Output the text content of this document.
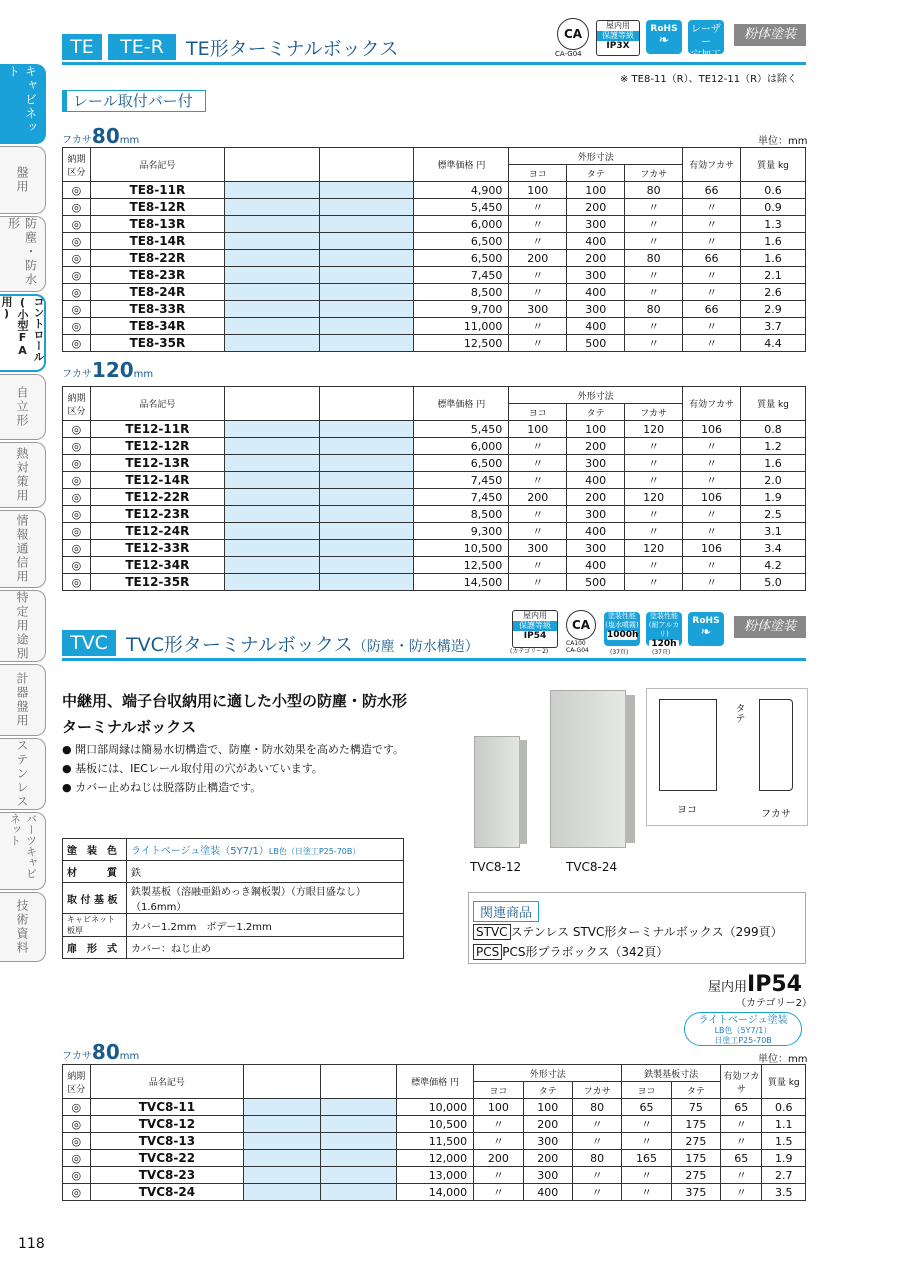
TE	TE-R	TE形ターミナルボックス
CA
CA-G04
屋内用
保護等級
IP3X
RoHS
❧
レーザー
穴加工
粉体塗装
※ TE8-11（R）、TE12-11（R）は除く
レール取付バー付
キャビネット
盤用
防塵・防水形
コントロール(小型FA用)
自立形
熱対策用
情報通信用
特定用途別
計器盤用
ステンレス
バーツキャビネット
技術資料
フカサ80mm	単位：mm
納期区分	品名記号			標準価格 円	外形寸法			有効フカサ	質量 kg
					ヨコ	タテ	フカサ		
◎	TE8-11R			4,900	100	100	80	66	0.6
◎	TE8-12R			5,450	〃	200	〃	〃	0.9
◎	TE8-13R			6,000	〃	300	〃	〃	1.3
◎	TE8-14R			6,500	〃	400	〃	〃	1.6
◎	TE8-22R			6,500	200	200	80	66	1.6
◎	TE8-23R			7,450	〃	300	〃	〃	2.1
◎	TE8-24R			8,500	〃	400	〃	〃	2.6
◎	TE8-33R			9,700	300	300	80	66	2.9
◎	TE8-34R			11,000	〃	400	〃	〃	3.7
◎	TE8-35R			12,500	〃	500	〃	〃	4.4
フカサ120mm
納期区分	品名記号			標準価格 円	外形寸法			有効フカサ	質量 kg
					ヨコ	タテ	フカサ		
◎	TE12-11R			5,450	100	100	120	106	0.8
◎	TE12-12R			6,000	〃	200	〃	〃	1.2
◎	TE12-13R			6,500	〃	300	〃	〃	1.6
◎	TE12-14R			7,450	〃	400	〃	〃	2.0
◎	TE12-22R			7,450	200	200	120	106	1.9
◎	TE12-23R			8,500	〃	300	〃	〃	2.5
◎	TE12-24R			9,300	〃	400	〃	〃	3.1
◎	TE12-33R			10,500	300	300	120	106	3.4
◎	TE12-34R			12,500	〃	400	〃	〃	4.2
◎	TE12-35R			14,500	〃	500	〃	〃	5.0
TVC TVC形ターミナルボックス（防塵・防水構造）
屋内用
保護等級
IP54
(カテゴリー2)
CA
CA100
CA-G04
塗装性能
(塩水噴霧)
1000h
(37頁)
塗装性能
(耐アルカリ)
120h
(37頁)
RoHS
❧	粉体塗装
中継用、端子台収納用に適した小型の防塵・防水形
ターミナルボックス
● 開口部周縁は簡易水切構造で、防塵・防水効果を高めた構造です。
● 基板には、IECレール取付用の穴があいています。
● カバー止めねじは脱落防止構造です。
TVC8-12	TVC8-24
タテ
ヨコ	フカサ
塗　装　色	ライトベージュ塗装（5Y7/1）LB色（日塗工P25-70B）
材　　　質	鉄
取 付 基 板	鉄製基板（溶融亜鉛めっき鋼板製）（方眼目盛なし）（1.6mm）
キャビネット板厚	カバー1.2mm　ボデー1.2mm
扉　形　式	カバー：ねじ止め
関連商品
STVC ステンレス STVC形ターミナルボックス（299頁）
PCS PCS形プラボックス（342頁）
屋内用IP54
（カテゴリー2）
ライトベージュ塗装
LB色（5Y7/1）
日塗工P25-70B
フカサ80mm	単位：mm
納期区分	品名記号			標準価格 円	外形寸法			鉄製基板寸法		有効フカサ	質量 kg
					ヨコ	タテ	フカサ	ヨコ	タテ		
◎	TVC8-11			10,000	100	100	80	65	75	65	0.6
◎	TVC8-12			10,500	〃	200	〃	〃	175	〃	1.1
◎	TVC8-13			11,500	〃	300	〃	〃	275	〃	1.5
◎	TVC8-22			12,000	200	200	80	165	175	65	1.9
◎	TVC8-23			13,000	〃	300	〃	〃	275	〃	2.7
◎	TVC8-24			14,000	〃	400	〃	〃	375	〃	3.5
118
